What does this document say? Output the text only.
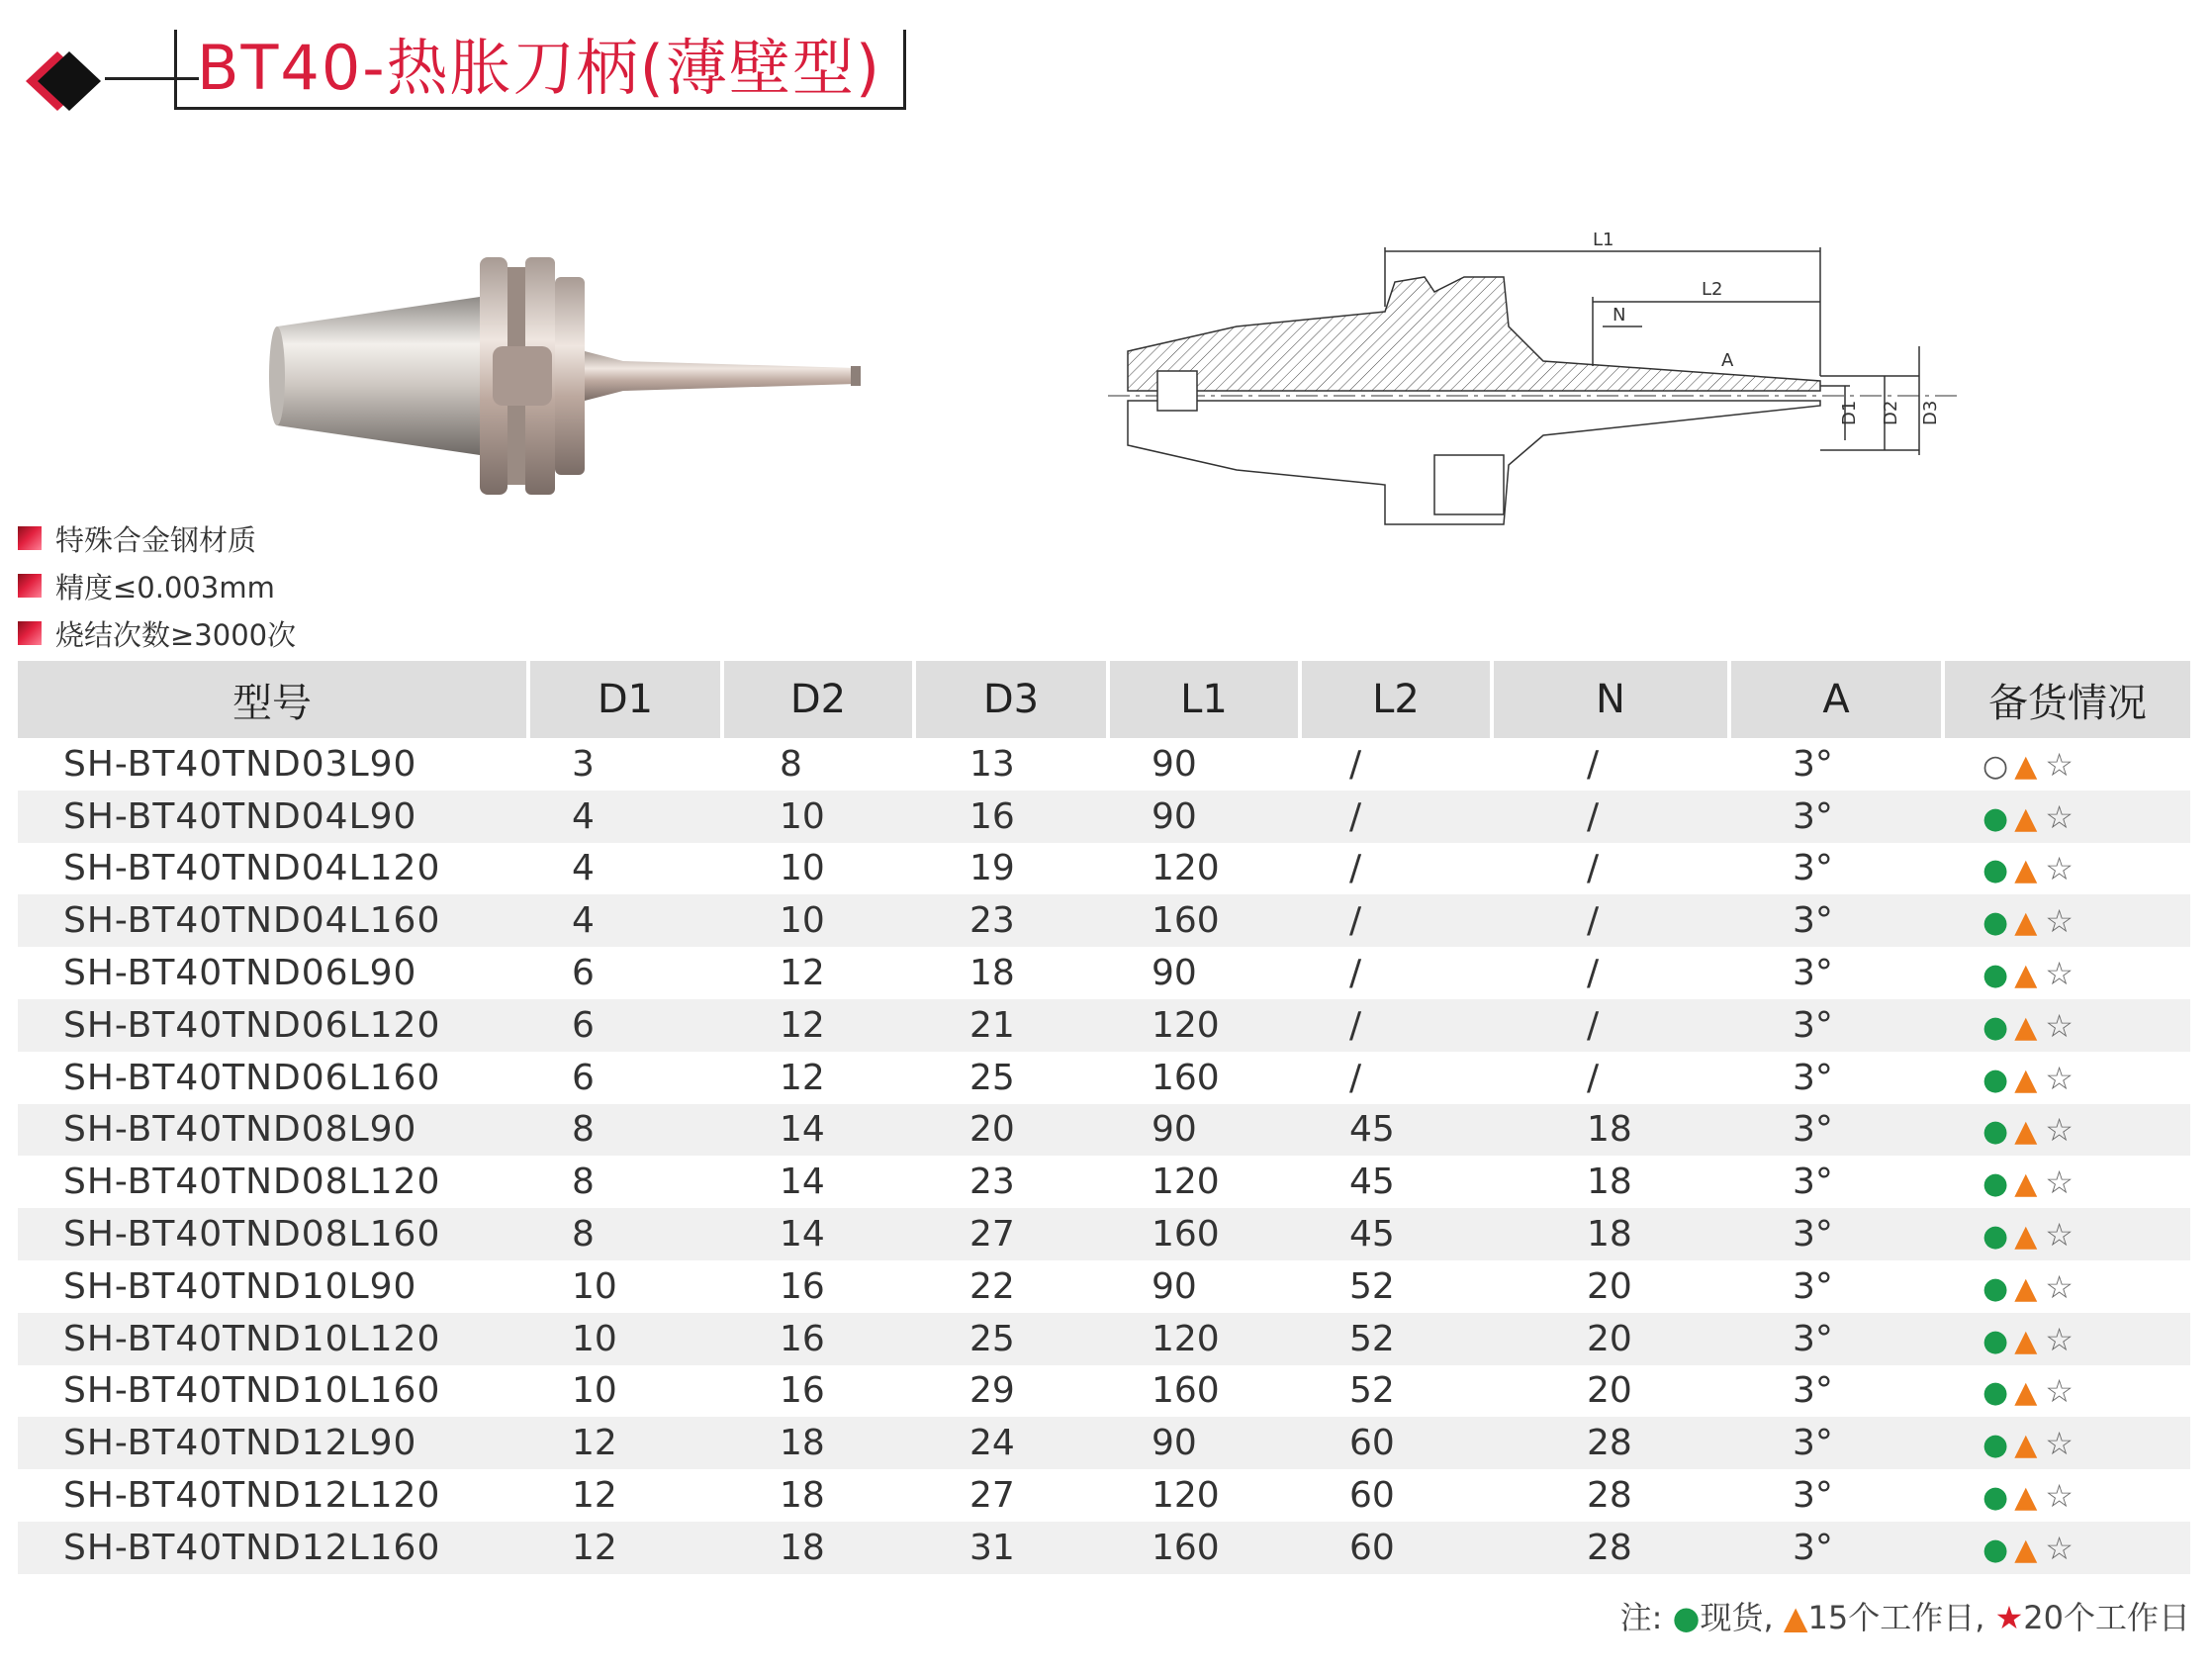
BT40-热胀刀柄(薄壁型)
L1
L2
N
A
D1 D2 D3
特殊合金钢材质
精度≤0.003mm
烧结次数≥3000次
型号	D1	D2	D3	L1	L2	N	A	备货情况
SH-BT40TND03L90	3	8	13	90	/	/	3°	○ ▲ ☆
SH-BT40TND04L90	4	10	16	90	/	/	3°	● ▲ ☆
SH-BT40TND04L120	4	10	19	120	/	/	3°	● ▲ ☆
SH-BT40TND04L160	4	10	23	160	/	/	3°	● ▲ ☆
SH-BT40TND06L90	6	12	18	90	/	/	3°	● ▲ ☆
SH-BT40TND06L120	6	12	21	120	/	/	3°	● ▲ ☆
SH-BT40TND06L160	6	12	25	160	/	/	3°	● ▲ ☆
SH-BT40TND08L90	8	14	20	90	45	18	3°	● ▲ ☆
SH-BT40TND08L120	8	14	23	120	45	18	3°	● ▲ ☆
SH-BT40TND08L160	8	14	27	160	45	18	3°	● ▲ ☆
SH-BT40TND10L90	10	16	22	90	52	20	3°	● ▲ ☆
SH-BT40TND10L120	10	16	25	120	52	20	3°	● ▲ ☆
SH-BT40TND10L160	10	16	29	160	52	20	3°	● ▲ ☆
SH-BT40TND12L90	12	18	24	90	60	28	3°	● ▲ ☆
SH-BT40TND12L120	12	18	27	120	60	28	3°	● ▲ ☆
SH-BT40TND12L160	12	18	31	160	60	28	3°	● ▲ ☆
注: ●现货, ▲15个工作日, ★20个工作日
